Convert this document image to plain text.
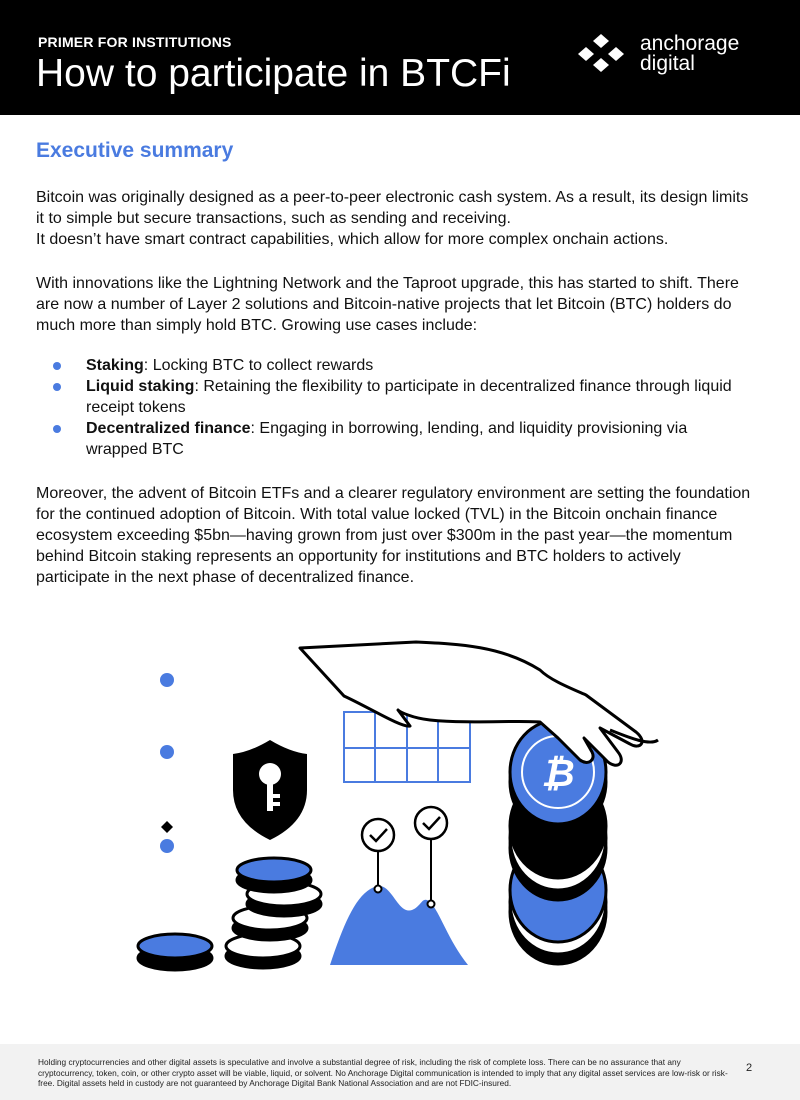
PRIMER FOR INSTITUTIONS
How to participate in BTCFi
anchorage
digital
Executive summary

Bitcoin was originally designed as a peer-to-peer electronic cash system. As a result, its design limits it to simple but secure transactions, such as sending and receiving.
It doesn’t have smart contract capabilities, which allow for more complex onchain actions.

With innovations like the Lightning Network and the Taproot upgrade, this has started to shift. There are now a number of Layer 2 solutions and Bitcoin-native projects that let Bitcoin (BTC) holders do much more than simply hold BTC. Growing use cases include:

Staking: Locking BTC to collect rewards
Liquid staking: Retaining the flexibility to participate in decentralized finance through liquid receipt tokens
Decentralized finance: Engaging in borrowing, lending, and liquidity provisioning via wrapped BTC

Moreover, the advent of Bitcoin ETFs and a clearer regulatory environment are setting the foundation for the continued adoption of Bitcoin. With total value locked (TVL) in the Bitcoin onchain finance ecosystem exceeding $5bn—having grown from just over $300m in the past year—the momentum behind Bitcoin staking represents an opportunity for institutions and BTC holders to actively participate in the next phase of decentralized finance.

₿
Holding cryptocurrencies and other digital assets is speculative and involve a substantial degree of risk, including the risk of complete loss. There can be no assurance that any cryptocurrency, token, coin, or other crypto asset will be viable, liquid, or solvent. No Anchorage Digital communication is intended to imply that any digital asset services are low-risk or risk-free. Digital assets held in custody are not guaranteed by Anchorage Digital Bank National Association and are not FDIC-insured.
2
